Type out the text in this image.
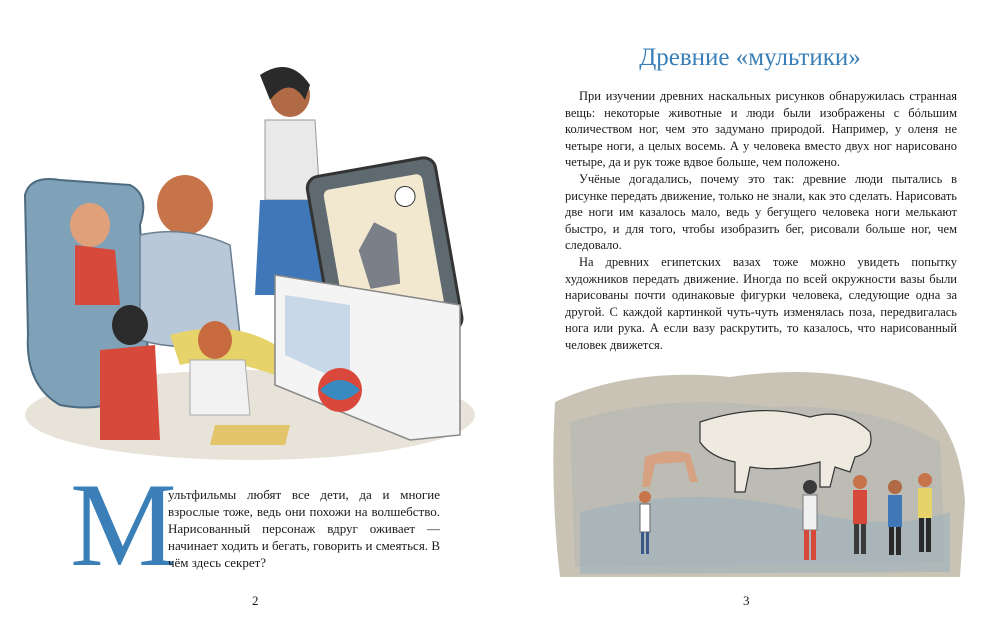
М

ультфильмы любят все дети, да и многие взрослые тоже, ведь они похожи на волшебство. Нарисованный персонаж вдруг оживает — начинает ходить и бегать, говорить и смеяться. В чём здесь секрет?

2
Древние «мультики»

При изучении древних наскальных рисунков обнаружилась странная вещь: некоторые животные и люди были изображены с бóльшим количеством ног, чем это задумано природой. Например, у оленя не четыре ноги, а целых восемь. А у человека вместо двух ног нарисовано четыре, да и рук тоже вдвое больше, чем положено.

Учёные догадались, почему это так: древние люди пытались в рисунке передать движение, только не знали, как это сделать. Нарисовать две ноги им казалось мало, ведь у бегущего человека ноги мелькают быстро, и для того, чтобы изобразить бег, рисовали больше ног, чем следовало.

На древних египетских вазах тоже можно увидеть попытку художников передать движение. Иногда по всей окружности вазы были нарисованы почти одинаковые фигурки человека, следующие одна за другой. С каждой картинкой чуть-чуть изменялась поза, передвигалась нога или рука. А если вазу раскрутить, то казалось, что нарисованный человек движется.

3
